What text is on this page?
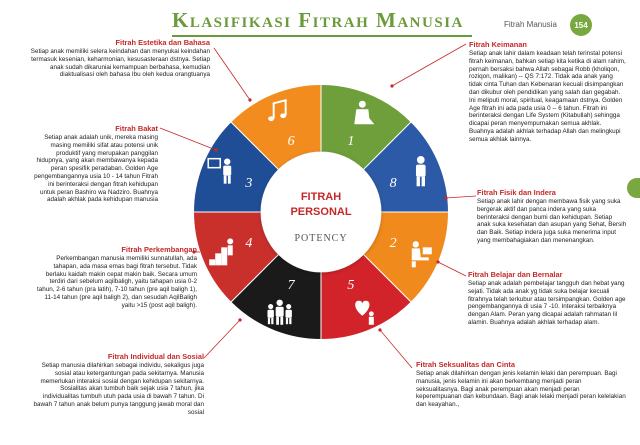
Klasifikasi Fitrah Manusia	Fitrah Manusia	154
1
8
2
5
7
4
3
6
FITRAH
PERSONAL
POTENCY
Fitrah Estetika dan Bahasa
Setiap anak memiliki selera keindahan dan menyukai keindahan termasuk kesenian, keharmonian, kesusasteraan dstnya. Setiap anak sudah dikaruniai kemampuan berbahasa, kemudian diaktualisasi oleh bahasa Ibu oleh kedua orangtuanya
Fitrah Bakat
Setiap anak adalah unik, mereka masing masing memiliki sifat atau potensi unik produktif yang merupakan panggilan hidupnya, yang akan membawanya kepada peran spesifik peradaban. Golden Age pengembangannya usia 10 - 14 tahun Fitrah ini berinteraksi dengan fitrah kehidupan untuk peran Bashiro wa Nadziro. Buahnya adalah akhlak pada kehidupan manusia
Fitrah Perkembangan
Perkembangan manusia memiliki sunnatullah, ada tahapan, ada masa emas bagi fitrah tersebut. Tidak berlaku kaidah makin cepat makin baik. Secara umum terdiri dari sebelum aqilbaligh, yaitu tahapan usia 0-2 tahun, 2-6 tahun (pra latih), 7-10 tahun (pre aqil baligh 1), 11-14 tahun (pre aqil baligh 2), dan sesudah AqilBaligh yaitu >15 (post aqil baligh).
Fitrah Individual dan Sosial
Setiap manusia dilahirkan sebagai individu, sekaligus juga sosial atau ketergantungan pada sekitarnya. Manusia memerlukan interaksi sosial dengan kehidupan sekitarnya. Sosialitas akan tumbuh baik sejak usia 7 tahun, jika individualitas tumbuh utuh pada usia di bawah 7 tahun. Di bawah 7 tahun anak belum punya tanggung jawab moral dan sosial
Fitrah Keimanan
Setiap anak lahir dalam keadaan telah terinstal potensi fitrah keimanan, bahkan setiap kita ketika di alam rahim, pernah bersaksi bahwa Allah sebagai Robb (kholiqon, roziqon, malikan) -- QS 7:172. Tidak ada anak yang tidak cinta Tuhan dan Kebenaran kecuali disimpangkan dan dikubur oleh pendidikan yang salah dan gegabah. Ini meliputi moral, spiritual, keagamaan dstnya. Golden Age fitrah ini ada pada usia 0 -- 6 tahun. Fitrah ini berinteraksi dengan Life System (Kitabullah) sehingga dicapai peran menyempurnakan semua akhlak. Buahnya adalah akhlak terhadap Allah dan melingkupi semua akhlak lainnya.
Fitrah Fisik dan Indera
Setiap anak lahir dengan membawa fisik yang suka bergerak aktif dan panca indera yang suka berinteraksi dengan bumi dan kehidupan. Setiap anak suka kesehatan dan asupan yang Sehat, Bersih dan Baik. Setiap indera juga suka menerima input yang membahagiakan dan menenangkan.
Fitrah Belajar dan Bernalar
Setiap anak adalah pembelajar tangguh dan hebat yang sejati. Tidak ada anak yg tidak suka belajar kecuali fitrahnya telah terkubur atau tersimpangkan. Golden age pengembangannya di usia 7 -10. Interaksi terbaiknya dengan Alam. Peran yang dicapai adalah rahmatan lil alamin. Buahnya adalah akhlak terhadap alam.
Fitrah Seksualitas dan Cinta
Setiap anak dilahirkan dengan jenis kelamin lelaki dan perempuan. Bagi manusia, jenis kelamin ini akan berkembang menjadi peran seksualitasnya. Bagi anak perempuan akan menjadi peran keperempuanan dan kebundaan. Bagi anak lelaki menjadi peran kelelakian dan keayahan.,
